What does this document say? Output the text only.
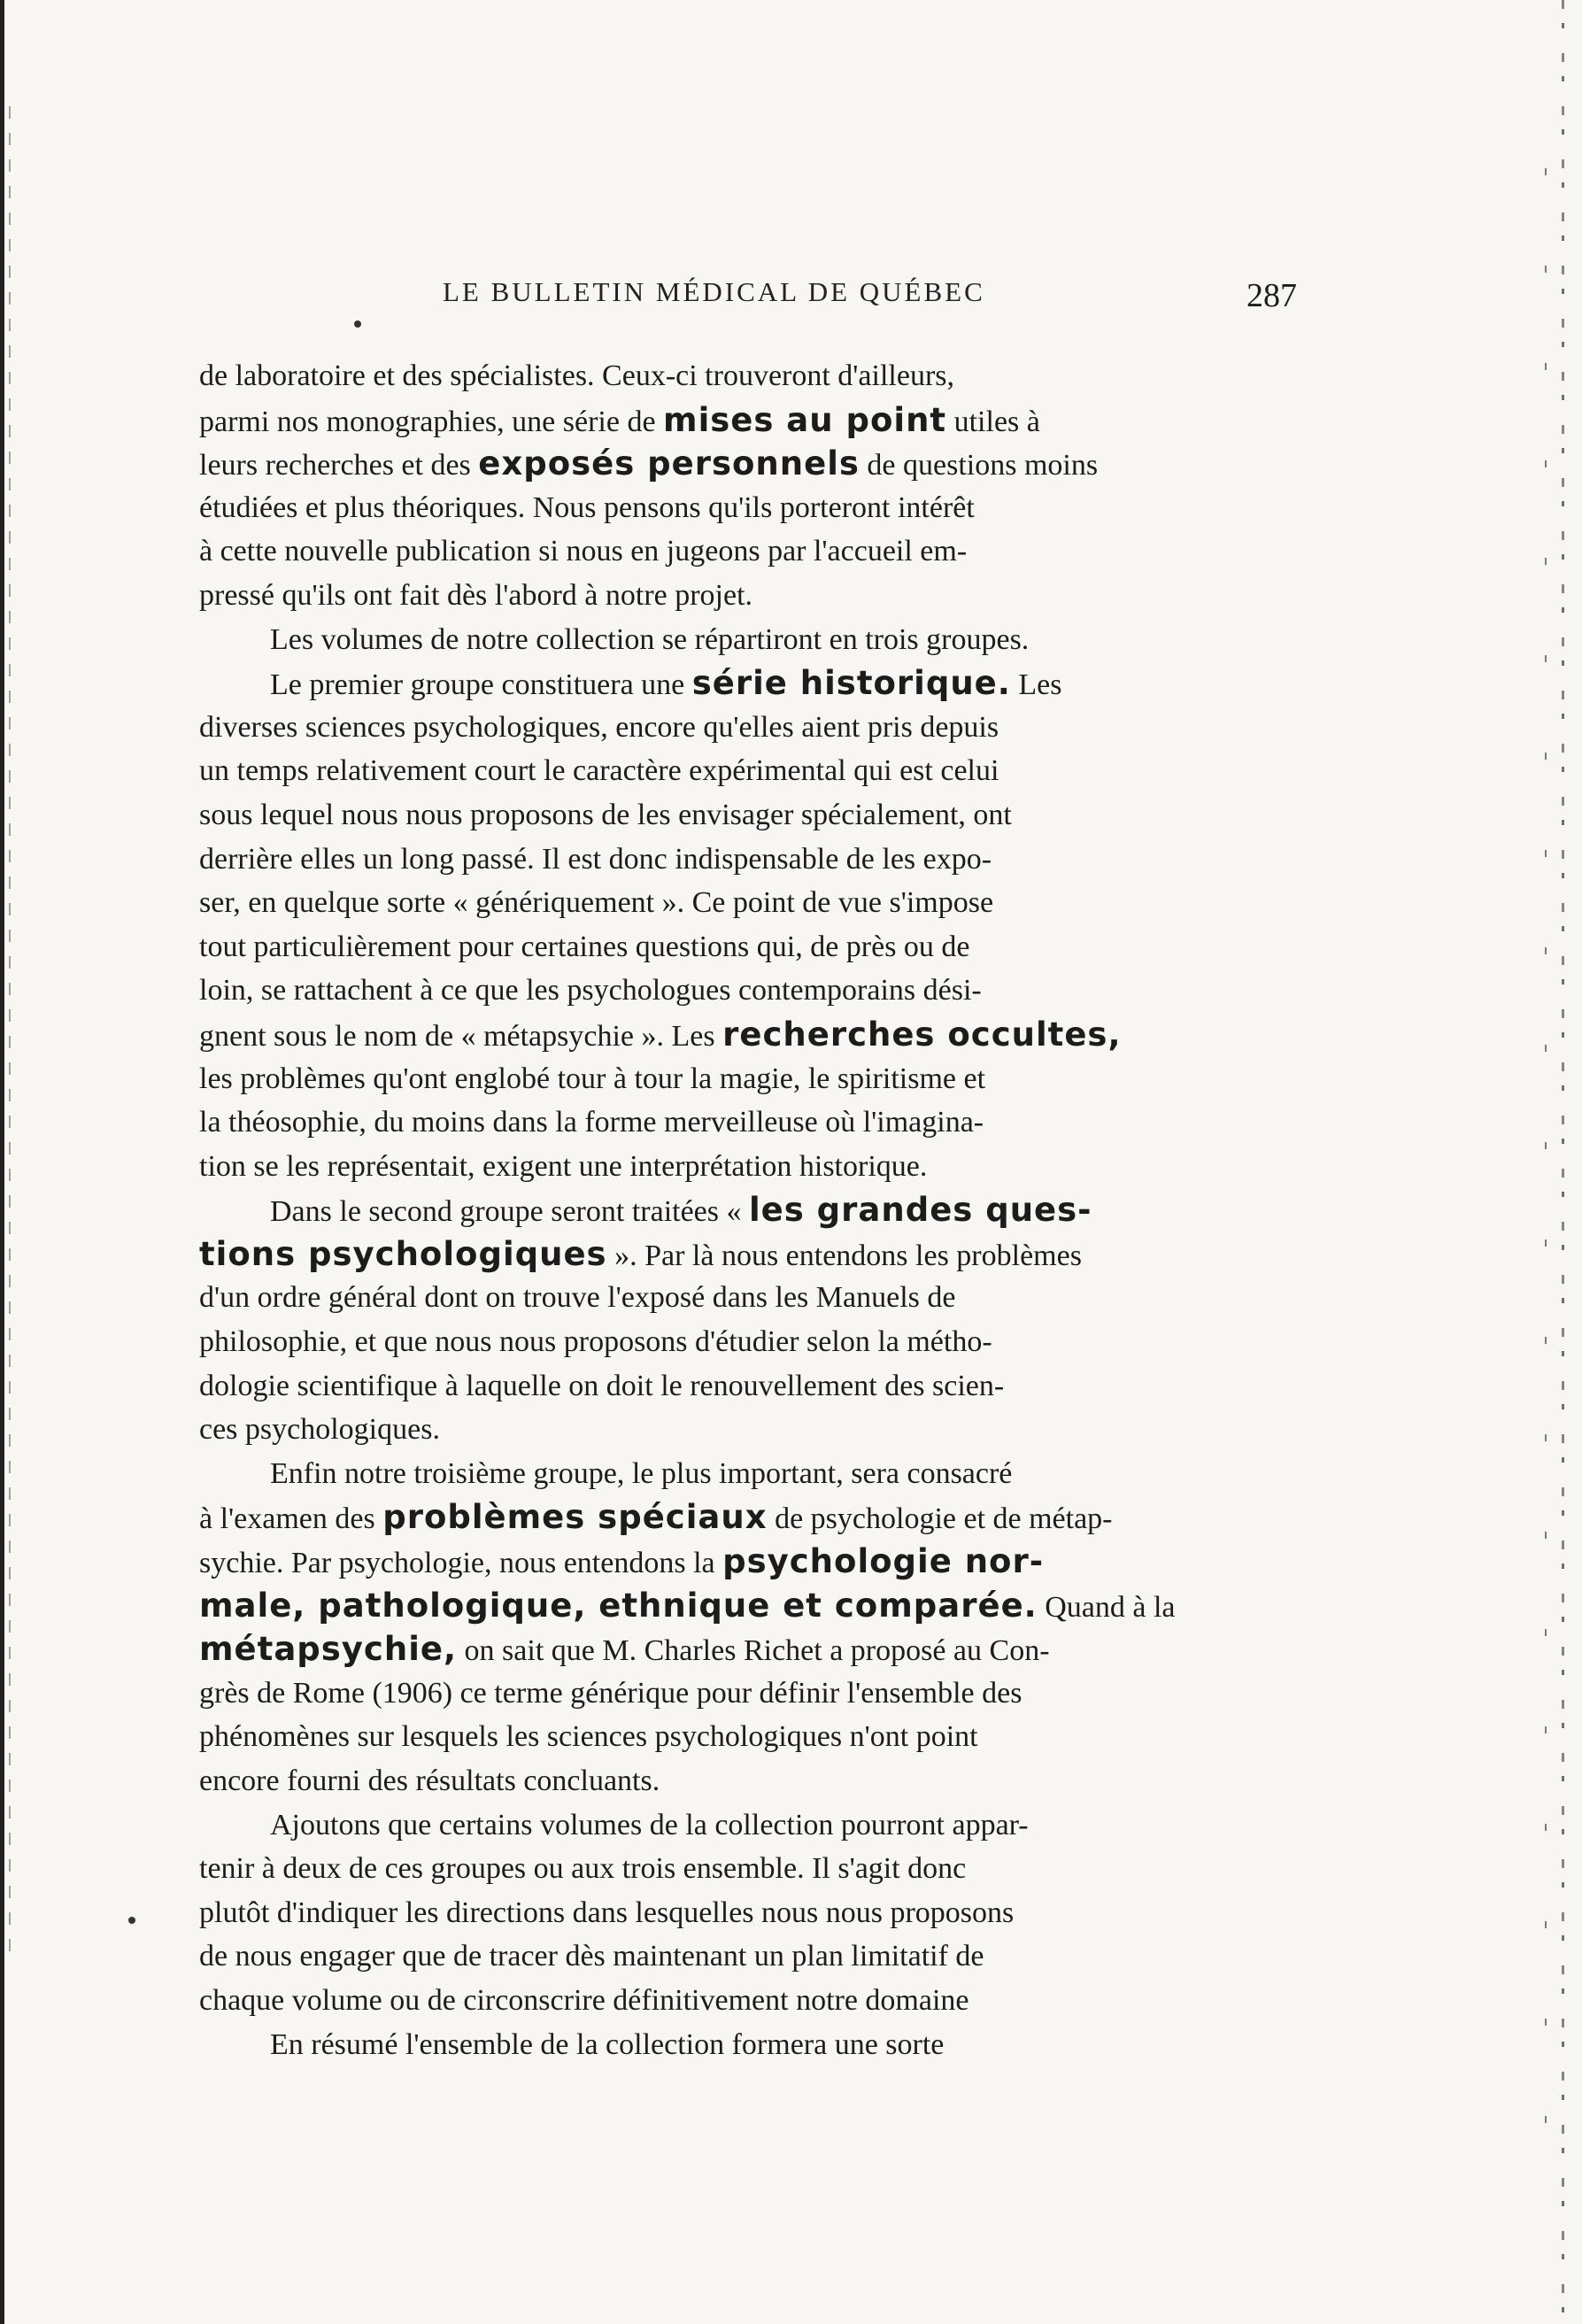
LE BULLETIN MÉDICAL DE QUÉBEC	287
de laboratoire et des spécialistes. Ceux-ci trouveront d'ailleurs,
parmi nos monographies, une série de mises au point utiles à
leurs recherches et des exposés personnels de questions moins
étudiées et plus théoriques. Nous pensons qu'ils porteront intérêt
à cette nouvelle publication si nous en jugeons par l'accueil em-
pressé qu'ils ont fait dès l'abord à notre projet.
Les volumes de notre collection se répartiront en trois groupes.
Le premier groupe constituera une série historique. Les
diverses sciences psychologiques, encore qu'elles aient pris depuis
un temps relativement court le caractère expérimental qui est celui
sous lequel nous nous proposons de les envisager spécialement, ont
derrière elles un long passé. Il est donc indispensable de les expo-
ser, en quelque sorte « génériquement ». Ce point de vue s'impose
tout particulièrement pour certaines questions qui, de près ou de
loin, se rattachent à ce que les psychologues contemporains dési-
gnent sous le nom de « métapsychie ». Les recherches occultes,
les problèmes qu'ont englobé tour à tour la magie, le spiritisme et
la théosophie, du moins dans la forme merveilleuse où l'imagina-
tion se les représentait, exigent une interprétation historique.
Dans le second groupe seront traitées « les grandes ques-
tions psychologiques ». Par là nous entendons les problèmes
d'un ordre général dont on trouve l'exposé dans les Manuels de
philosophie, et que nous nous proposons d'étudier selon la métho-
dologie scientifique à laquelle on doit le renouvellement des scien-
ces psychologiques.
Enfin notre troisième groupe, le plus important, sera consacré
à l'examen des problèmes spéciaux de psychologie et de métap-
sychie. Par psychologie, nous entendons la psychologie nor-
male, pathologique, ethnique et comparée. Quand à la
métapsychie, on sait que M. Charles Richet a proposé au Con-
grès de Rome (1906) ce terme générique pour définir l'ensemble des
phénomènes sur lesquels les sciences psychologiques n'ont point
encore fourni des résultats concluants.
Ajoutons que certains volumes de la collection pourront appar-
tenir à deux de ces groupes ou aux trois ensemble. Il s'agit donc
plutôt d'indiquer les directions dans lesquelles nous nous proposons
de nous engager que de tracer dès maintenant un plan limitatif de
chaque volume ou de circonscrire définitivement notre domaine
En résumé l'ensemble de la collection formera une sorte
